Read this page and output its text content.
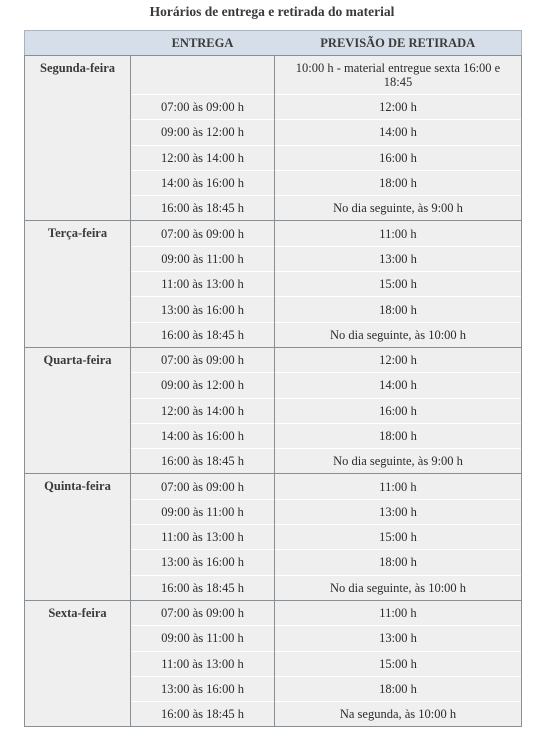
Horários de entrega e retirada do material
	ENTREGA	PREVISÃO DE RETIRADA
Segunda-feira		10:00 h - material entregue sexta 16:00 e 18:45
	07:00 às 09:00 h	12:00 h
	09:00 às 12:00 h	14:00 h
	12:00 às 14:00 h	16:00 h
	14:00 às 16:00 h	18:00 h
	16:00 às 18:45 h	No dia seguinte, às 9:00 h
Terça-feira	07:00 às 09:00 h	11:00 h
	09:00 às 11:00 h	13:00 h
	11:00 às 13:00 h	15:00 h
	13:00 às 16:00 h	18:00 h
	16:00 às 18:45 h	No dia seguinte, às 10:00 h
Quarta-feira	07:00 às 09:00 h	12:00 h
	09:00 às 12:00 h	14:00 h
	12:00 às 14:00 h	16:00 h
	14:00 às 16:00 h	18:00 h
	16:00 às 18:45 h	No dia seguinte, às 9:00 h
Quinta-feira	07:00 às 09:00 h	11:00 h
	09:00 às 11:00 h	13:00 h
	11:00 às 13:00 h	15:00 h
	13:00 às 16:00 h	18:00 h
	16:00 às 18:45 h	No dia seguinte, às 10:00 h
Sexta-feira	07:00 às 09:00 h	11:00 h
	09:00 às 11:00 h	13:00 h
	11:00 às 13:00 h	15:00 h
	13:00 às 16:00 h	18:00 h
	16:00 às 18:45 h	Na segunda, às 10:00 h
